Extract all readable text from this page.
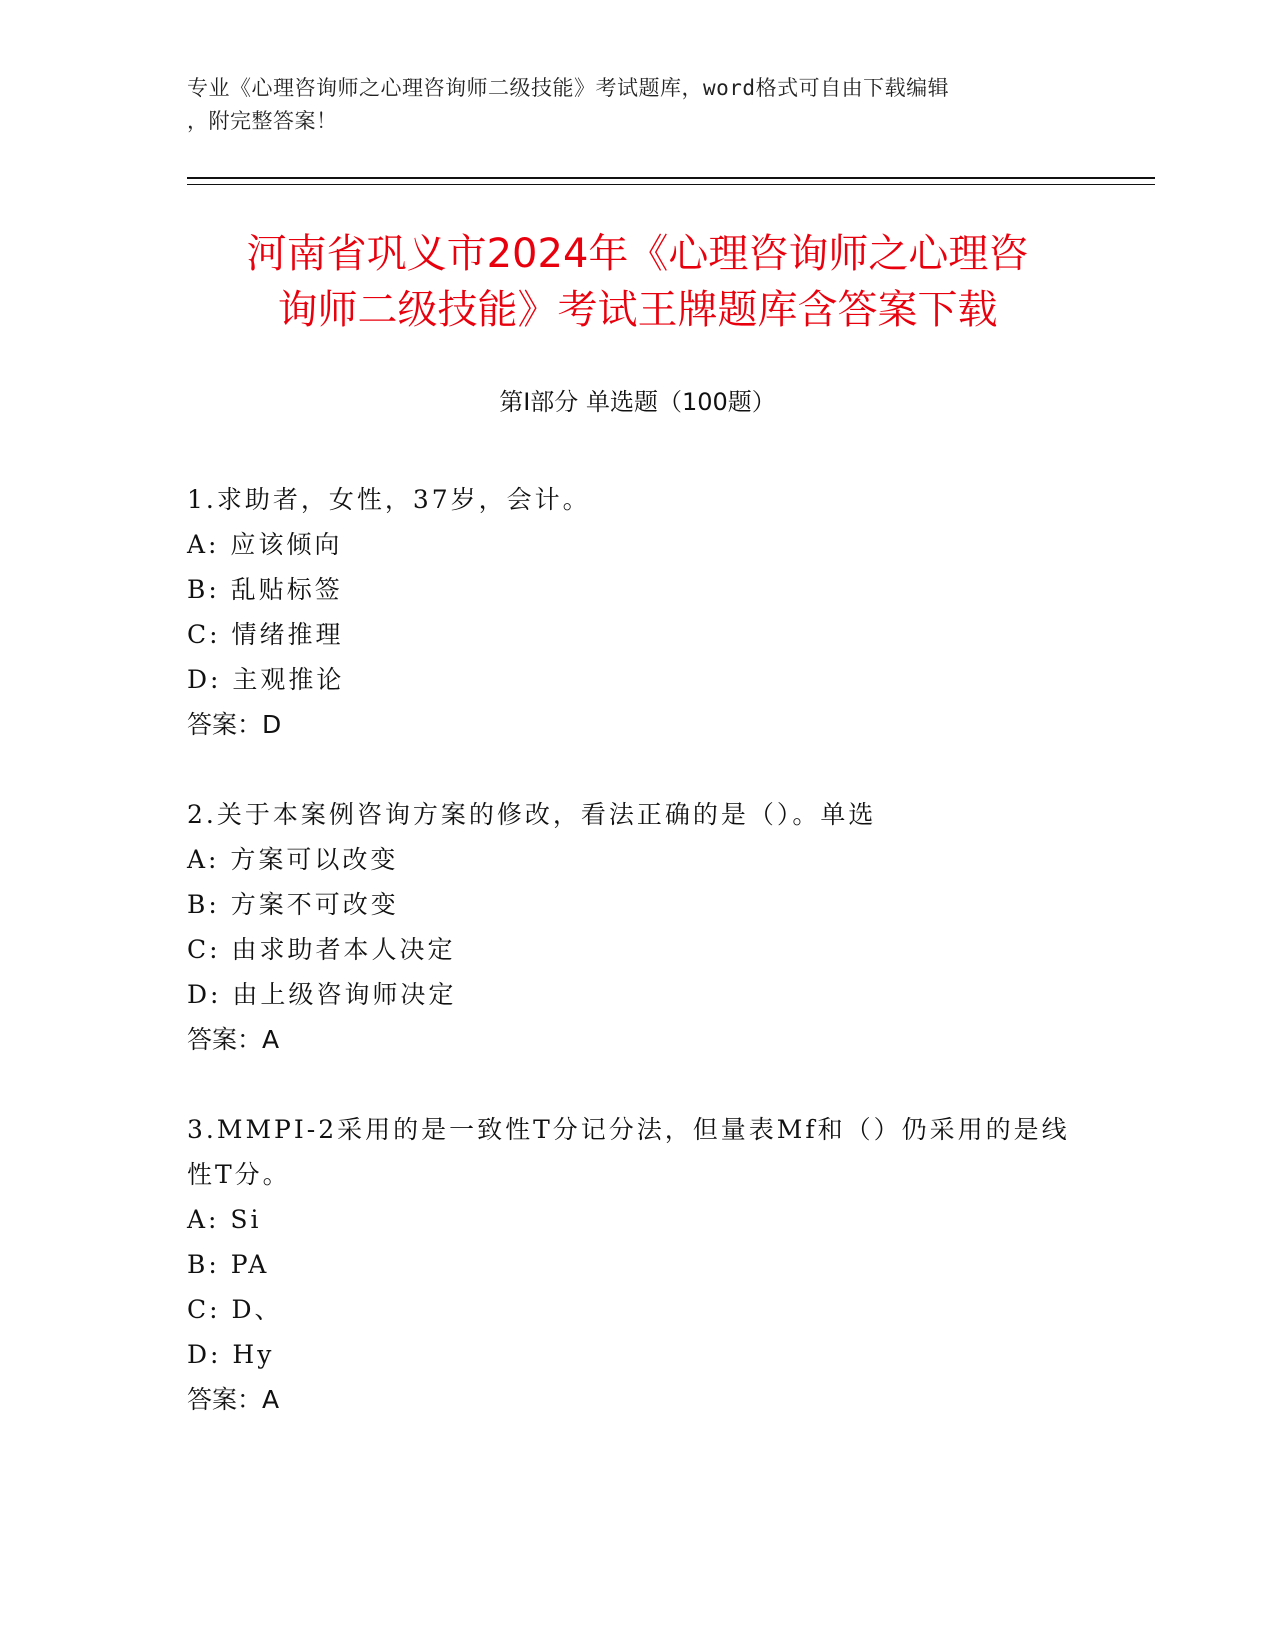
专业《心理咨询师之心理咨询师二级技能》考试题库，word格式可自由下载编辑
，附完整答案！
河南省巩义市2024年《心理咨询师之心理咨
询师二级技能》考试王牌题库含答案下载
第Ⅰ部分 单选题（100题）

1.求助者，女性，37岁，会计。

A: 应该倾向

B: 乱贴标签

C: 情绪推理

D: 主观推论

答案：D

2.关于本案例咨询方案的修改，看法正确的是（）。单选

A: 方案可以改变

B: 方案不可改变

C: 由求助者本人决定

D: 由上级咨询师决定

答案：A

3.MMPI-2采用的是一致性T分记分法，但量表Mf和（）仍采用的是线

性T分。

A: Si

B: PA

C: D、

D: Hy

答案：A
